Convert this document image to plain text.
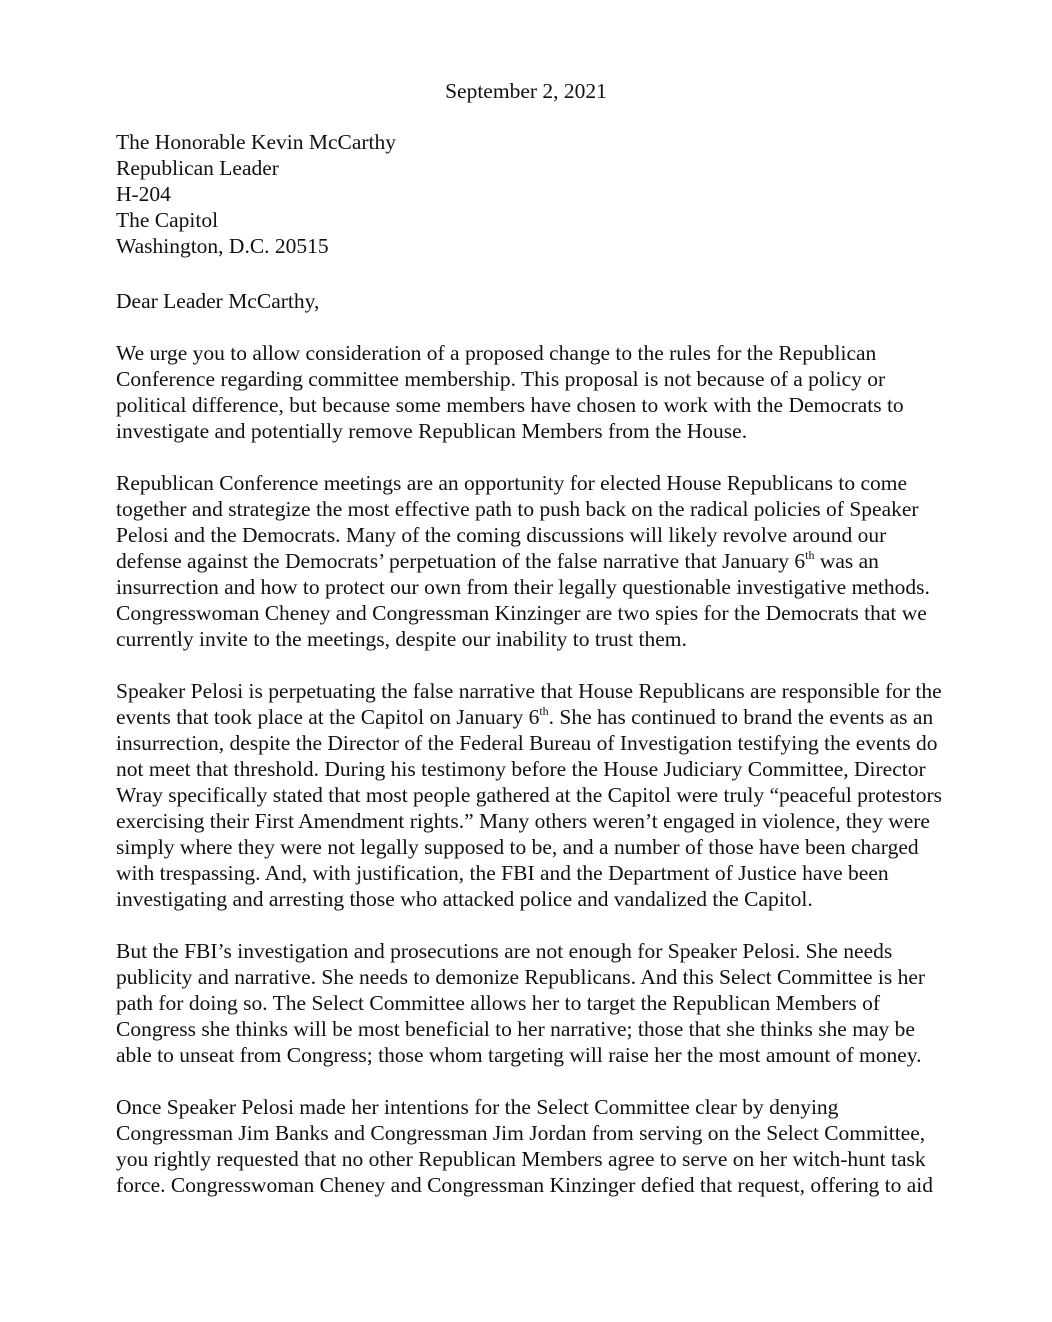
September 2, 2021

The Honorable Kevin McCarthy

Republican Leader

H-204

The Capitol

Washington, D.C. 20515

Dear Leader McCarthy,

We urge you to allow consideration of a proposed change to the rules for the Republican

Conference regarding committee membership. This proposal is not because of a policy or

political difference, but because some members have chosen to work with the Democrats to

investigate and potentially remove Republican Members from the House.

Republican Conference meetings are an opportunity for elected House Republicans to come

together and strategize the most effective path to push back on the radical policies of Speaker

Pelosi and the Democrats. Many of the coming discussions will likely revolve around our

defense against the Democrats’ perpetuation of the false narrative that January 6th was an

insurrection and how to protect our own from their legally questionable investigative methods.

Congresswoman Cheney and Congressman Kinzinger are two spies for the Democrats that we

currently invite to the meetings, despite our inability to trust them.

Speaker Pelosi is perpetuating the false narrative that House Republicans are responsible for the

events that took place at the Capitol on January 6th. She has continued to brand the events as an

insurrection, despite the Director of the Federal Bureau of Investigation testifying the events do

not meet that threshold. During his testimony before the House Judiciary Committee, Director

Wray specifically stated that most people gathered at the Capitol were truly “peaceful protestors

exercising their First Amendment rights.” Many others weren’t engaged in violence, they were

simply where they were not legally supposed to be, and a number of those have been charged

with trespassing. And, with justification, the FBI and the Department of Justice have been

investigating and arresting those who attacked police and vandalized the Capitol.

But the FBI’s investigation and prosecutions are not enough for Speaker Pelosi. She needs

publicity and narrative. She needs to demonize Republicans. And this Select Committee is her

path for doing so. The Select Committee allows her to target the Republican Members of

Congress she thinks will be most beneficial to her narrative; those that she thinks she may be

able to unseat from Congress; those whom targeting will raise her the most amount of money.

Once Speaker Pelosi made her intentions for the Select Committee clear by denying

Congressman Jim Banks and Congressman Jim Jordan from serving on the Select Committee,

you rightly requested that no other Republican Members agree to serve on her witch-hunt task

force. Congresswoman Cheney and Congressman Kinzinger defied that request, offering to aid
